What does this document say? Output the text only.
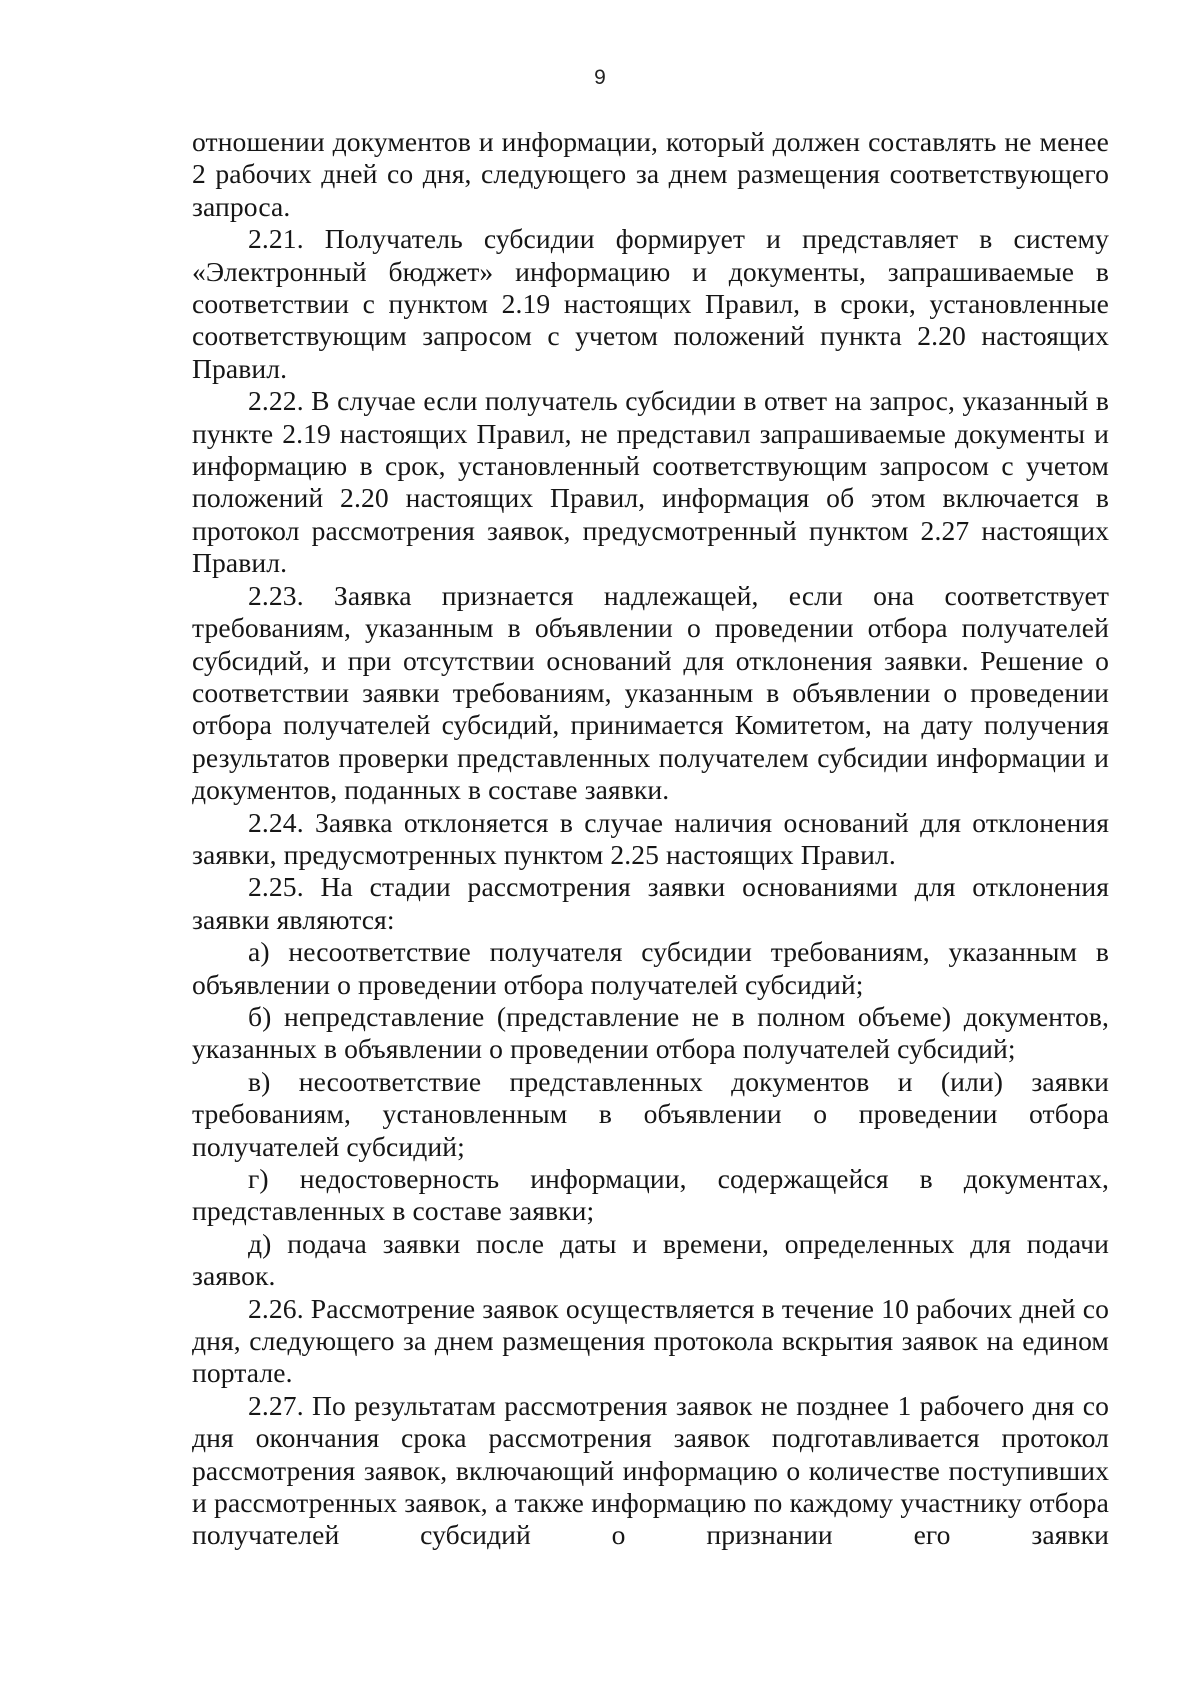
9

отношении документов и информации, который должен составлять не менее 2 рабочих дней со дня, следующего за днем размещения соответствующего запроса.

2.21. Получатель субсидии формирует и представляет в систему «Электронный бюджет» информацию и документы, запрашиваемые в соответствии с пунктом 2.19 настоящих Правил, в сроки, установленные соответствующим запросом с учетом положений пункта 2.20 настоящих Правил.

2.22. В случае если получатель субсидии в ответ на запрос, указанный в пункте 2.19 настоящих Правил, не представил запрашиваемые документы и информацию в срок, установленный соответствующим запросом с учетом положений 2.20 настоящих Правил, информация об этом включается в протокол рассмотрения заявок, предусмотренный пунктом 2.27 настоящих Правил.

2.23. Заявка признается надлежащей, если она соответствует требованиям, указанным в объявлении о проведении отбора получателей субсидий, и при отсутствии оснований для отклонения заявки. Решение о соответствии заявки требованиям, указанным в объявлении о проведении отбора получателей субсидий, принимается Комитетом, на дату получения результатов проверки представленных получателем субсидии информации и документов, поданных в составе заявки.

2.24. Заявка отклоняется в случае наличия оснований для отклонения заявки, предусмотренных пунктом 2.25 настоящих Правил.

2.25. На стадии рассмотрения заявки основаниями для отклонения заявки являются:

а) несоответствие получателя субсидии требованиям, указанным в объявлении о проведении отбора получателей субсидий;

б) непредставление (представление не в полном объеме) документов, указанных в объявлении о проведении отбора получателей субсидий;

в) несоответствие представленных документов и (или) заявки требованиям, установленным в объявлении о проведении отбора получателей субсидий;

г) недостоверность информации, содержащейся в документах, представленных в составе заявки;

д) подача заявки после даты и времени, определенных для подачи заявок.

2.26. Рассмотрение заявок осуществляется в течение 10 рабочих дней со дня, следующего за днем размещения протокола вскрытия заявок на едином портале.

2.27. По результатам рассмотрения заявок не позднее 1 рабочего дня со дня окончания срока рассмотрения заявок подготавливается протокол рассмотрения заявок, включающий информацию о количестве поступивших и рассмотренных заявок, а также информацию по каждому участнику отбора получателей субсидий о признании его заявки
